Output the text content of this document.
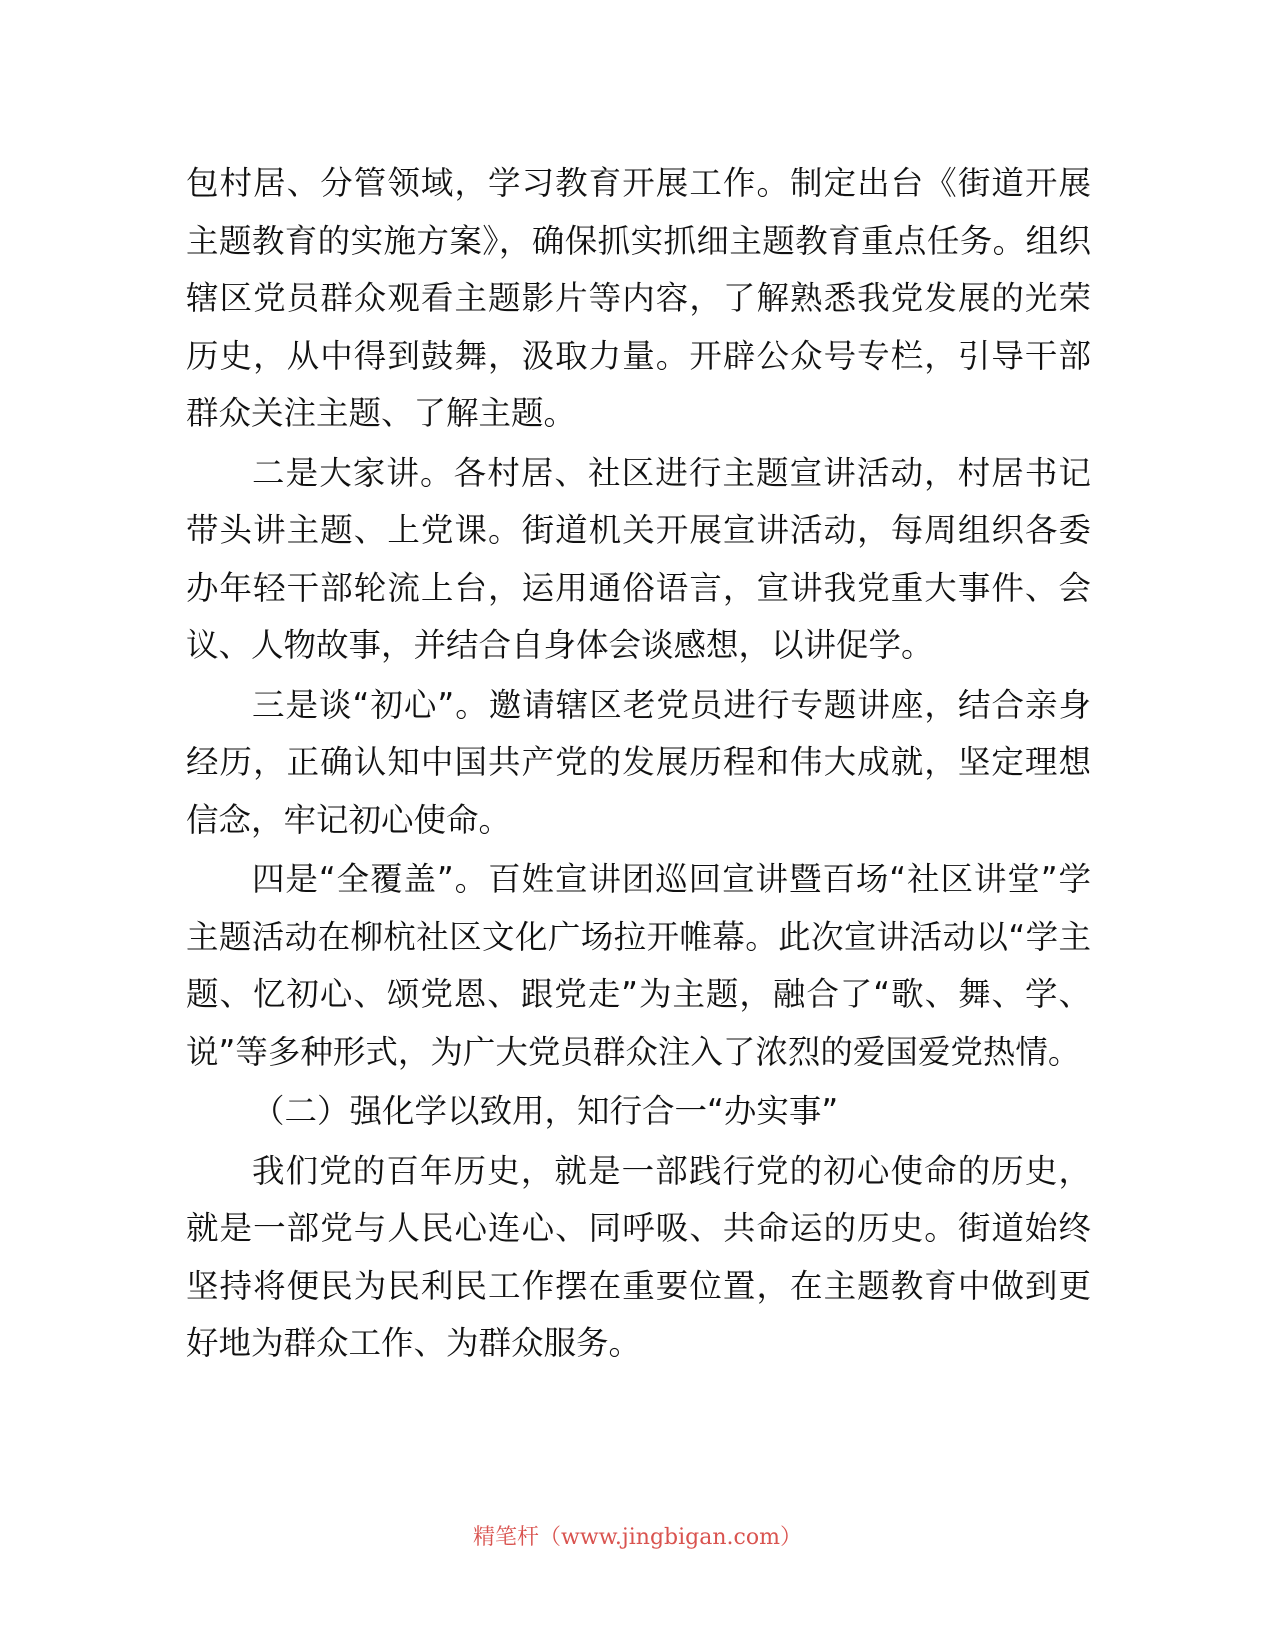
包村居、分管领域，学习教育开展工作。制定出台《街道开展主题教育的实施方案》，确保抓实抓细主题教育重点任务。组织辖区党员群众观看主题影片等内容，了解熟悉我党发展的光荣历史，从中得到鼓舞，汲取力量。开辟公众号专栏，引导干部群众关注主题、了解主题。

二是大家讲。各村居、社区进行主题宣讲活动，村居书记带头讲主题、上党课。街道机关开展宣讲活动，每周组织各委办年轻干部轮流上台，运用通俗语言，宣讲我党重大事件、会议、人物故事，并结合自身体会谈感想，以讲促学。

三是谈“初心”。邀请辖区老党员进行专题讲座，结合亲身经历，正确认知中国共产党的发展历程和伟大成就，坚定理想信念，牢记初心使命。

四是“全覆盖”。百姓宣讲团巡回宣讲暨百场“社区讲堂”学主题活动在柳杭社区文化广场拉开帷幕。此次宣讲活动以“学主题、忆初心、颂党恩、跟党走”为主题，融合了“歌、舞、学、说”等多种形式，为广大党员群众注入了浓烈的爱国爱党热情。

（二）强化学以致用，知行合一“办实事”

我们党的百年历史，就是一部践行党的初心使命的历史，就是一部党与人民心连心、同呼吸、共命运的历史。街道始终坚持将便民为民利民工作摆在重要位置，在主题教育中做到更好地为群众工作、为群众服务。

精笔杆（www.jingbigan.com）
